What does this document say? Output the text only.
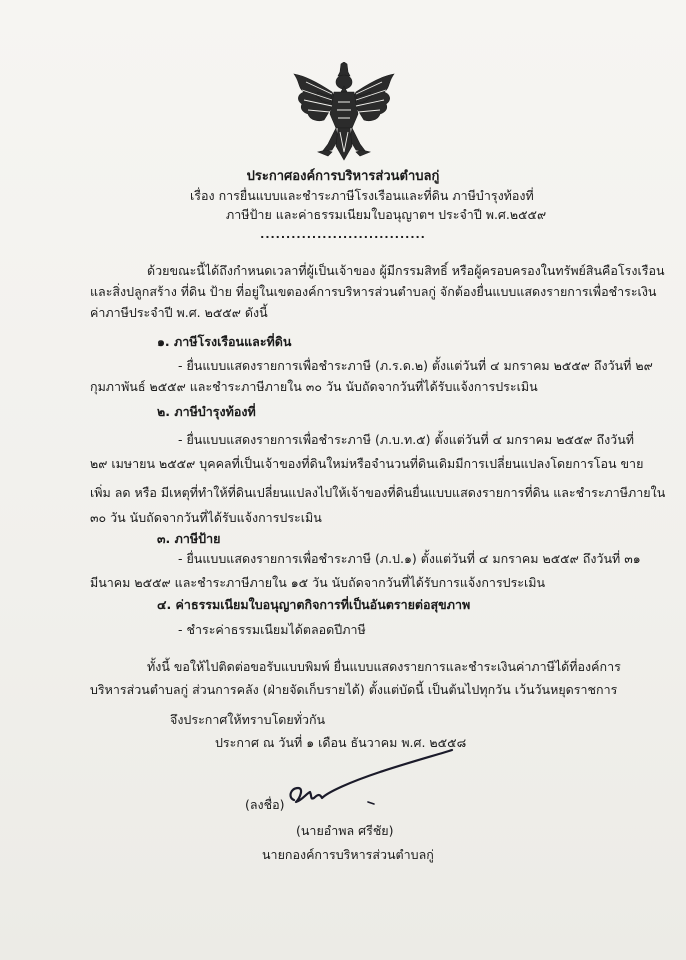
ประกาศองค์การบริหารส่วนตำบลกู่
เรื่อง การยื่นแบบและชำระภาษีโรงเรือนและที่ดิน ภาษีบำรุงท้องที่
ภาษีป้าย และค่าธรรมเนียมใบอนุญาตฯ ประจำปี พ.ศ.๒๕๕๙
................................
ด้วยขณะนี้ได้ถึงกำหนดเวลาที่ผู้เป็นเจ้าของ ผู้มีกรรมสิทธิ์ หรือผู้ครอบครองในทรัพย์สินคือโรงเรือน
และสิ่งปลูกสร้าง ที่ดิน ป้าย ที่อยู่ในเขตองค์การบริหารส่วนตำบลกู่ จักต้องยื่นแบบแสดงรายการเพื่อชำระเงิน
ค่าภาษีประจำปี พ.ศ. ๒๕๕๙ ดังนี้
๑. ภาษีโรงเรือนและที่ดิน
- ยื่นแบบแสดงรายการเพื่อชำระภาษี (ภ.ร.ด.๒) ตั้งแต่วันที่ ๔ มกราคม ๒๕๕๙ ถึงวันที่ ๒๙
กุมภาพันธ์ ๒๕๕๙ และชำระภาษีภายใน ๓๐ วัน นับถัดจากวันที่ได้รับแจ้งการประเมิน
๒. ภาษีบำรุงท้องที่
- ยื่นแบบแสดงรายการเพื่อชำระภาษี (ภ.บ.ท.๕) ตั้งแต่วันที่ ๔ มกราคม ๒๕๕๙ ถึงวันที่
๒๙ เมษายน ๒๕๕๙ บุคคลที่เป็นเจ้าของที่ดินใหม่หรือจำนวนที่ดินเดิมมีการเปลี่ยนแปลงโดยการโอน ขาย
เพิ่ม ลด หรือ มีเหตุที่ทำให้ที่ดินเปลี่ยนแปลงไปให้เจ้าของที่ดินยื่นแบบแสดงรายการที่ดิน และชำระภาษีภายใน
๓๐ วัน นับถัดจากวันที่ได้รับแจ้งการประเมิน
๓. ภาษีป้าย
- ยื่นแบบแสดงรายการเพื่อชำระภาษี (ภ.ป.๑) ตั้งแต่วันที่ ๔ มกราคม ๒๕๕๙ ถึงวันที่ ๓๑
มีนาคม ๒๕๕๙ และชำระภาษีภายใน ๑๕ วัน นับถัดจากวันที่ได้รับการแจ้งการประเมิน
๔. ค่าธรรมเนียมใบอนุญาตกิจการที่เป็นอันตรายต่อสุขภาพ
- ชำระค่าธรรมเนียมได้ตลอดปีภาษี
ทั้งนี้ ขอให้ไปติดต่อขอรับแบบพิมพ์ ยื่นแบบแสดงรายการและชำระเงินค่าภาษีได้ที่องค์การ
บริหารส่วนตำบลกู่ ส่วนการคลัง (ฝ่ายจัดเก็บรายได้) ตั้งแต่บัดนี้ เป็นต้นไปทุกวัน เว้นวันหยุดราชการ
จึงประกาศให้ทราบโดยทั่วกัน
ประกาศ ณ วันที่ ๑ เดือน ธันวาคม พ.ศ. ๒๕๕๘
(ลงชื่อ)
(นายอำพล ศรีชัย)
นายกองค์การบริหารส่วนตำบลกู่
